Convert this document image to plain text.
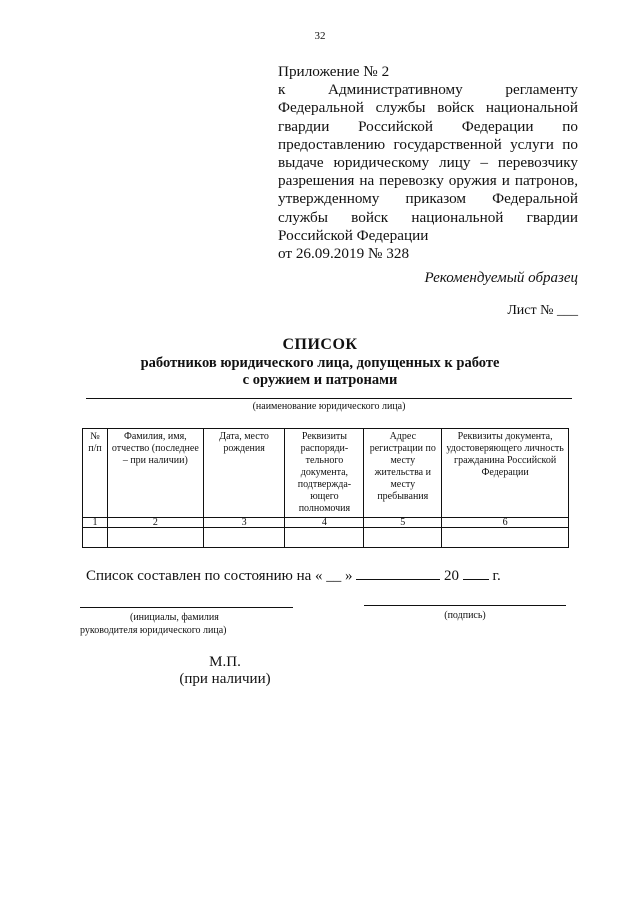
32
Приложение № 2
к Административному регламенту
Федеральной службы войск национальной
гвардии Российской Федерации по
предоставлению государственной услуги по
выдаче юридическому лицу – перевозчику
разрешения на перевозку оружия и патронов,
утвержденному приказом Федеральной
службы войск национальной гвардии
Российской Федерации
от 26.09.2019 № 328
Рекомендуемый образец
Лист № ___
СПИСОК
работников юридического лица, допущенных к работе
с оружием и патронами
(наименование юридического лица)
№ п/п	Фамилия, имя, отчество (последнее – при наличии)	Дата, место рождения	Реквизиты распоряди-тельного документа, подтвержда-ющего полномочия	Адрес регистрации по месту жительства и месту пребывания	Реквизиты документа, удостоверяющего личность гражданина Российской Федерации
1	2	3	4	5	6

Список составлен по состоянию на « __ »	20 г.
(инициалы, фамилия
руководителя юридического лица)
(подпись)
М.П.
(при наличии)
